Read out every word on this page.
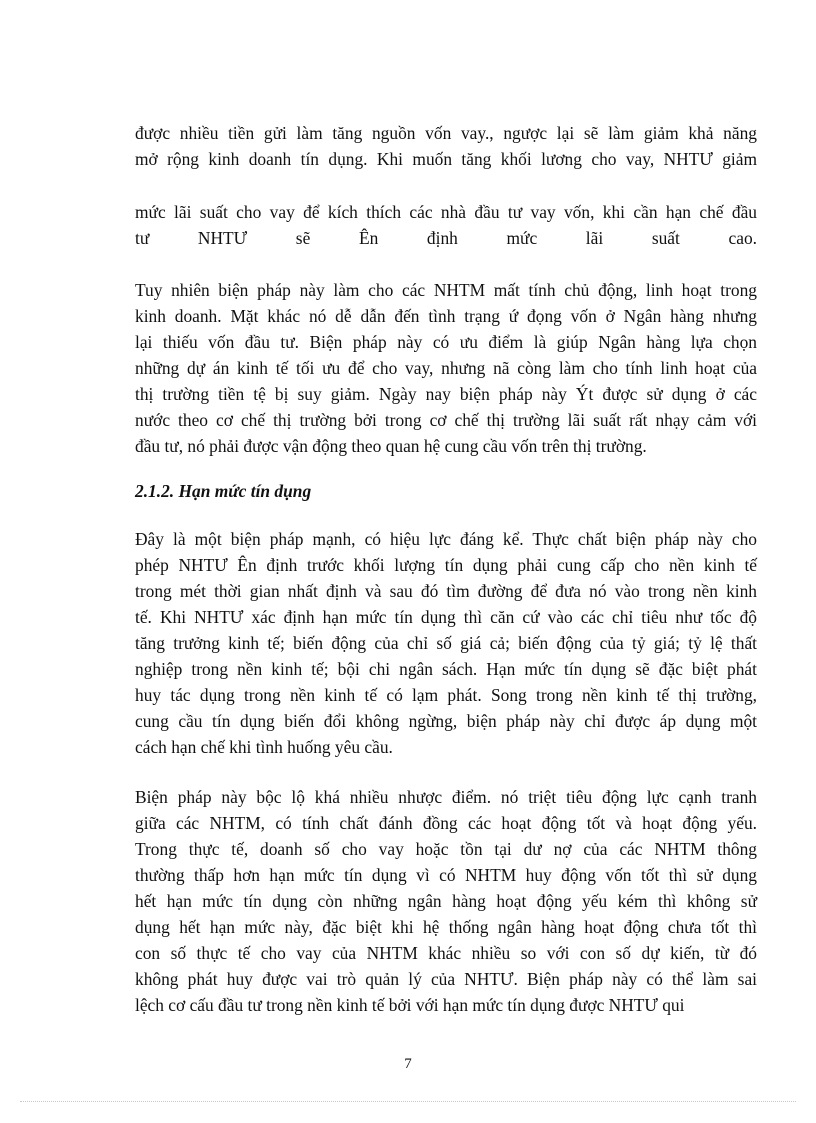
được nhiều tiền gửi làm tăng nguồn vốn vay., ngược lại sẽ làm giảm khả năng
mở rộng kinh doanh tín dụng. Khi muốn tăng khối lương cho vay, NHTƯ giảm
mức lãi suất cho vay để kích thích các nhà đầu tư vay vốn, khi cần hạn chế đầu
tư NHTƯ sẽ Ên định mức lãi suất cao.
Tuy nhiên biện pháp này làm cho các NHTM mất tính chủ động, linh hoạt trong
kinh doanh. Mặt khác nó dễ dẫn đến tình trạng ứ đọng vốn ở Ngân hàng nhưng
lại thiếu vốn đầu tư. Biện pháp này có ưu điểm là giúp Ngân hàng lựa chọn
những dự án kinh tế tối ưu để cho vay, nhưng nã còng làm cho tính linh hoạt của
thị trường tiền tệ bị suy giảm. Ngày nay biện pháp này Ýt được sử dụng ở các
nước theo cơ chế thị trường bởi trong cơ chế thị trường lãi suất rất nhạy cảm với
đầu tư, nó phải được vận động theo quan hệ cung cầu vốn trên thị trường.
2.1.2. Hạn mức tín dụng
Đây là một biện pháp mạnh, có hiệu lực đáng kể. Thực chất biện pháp này cho
phép NHTƯ Ên định trước khối lượng tín dụng phải cung cấp cho nền kinh tế
trong mét thời gian nhất định và sau đó tìm đường để đưa nó vào trong nền kinh
tế. Khi NHTƯ xác định hạn mức tín dụng thì căn cứ vào các chỉ tiêu như tốc độ
tăng trưởng kinh tế; biến động của chỉ số giá cả; biến động của tỷ giá; tỷ lệ thất
nghiệp trong nền kinh tế; bội chi ngân sách. Hạn mức tín dụng sẽ đặc biệt phát
huy tác dụng trong nền kinh tế có lạm phát. Song trong nền kinh tế thị trường,
cung cầu tín dụng biến đổi không ngừng, biện pháp này chỉ được áp dụng một
cách hạn chế khi tình huống yêu cầu.
Biện pháp này bộc lộ khá nhiều nhược điểm. nó triệt tiêu động lực cạnh tranh
giữa các NHTM, có tính chất đánh đồng các hoạt động tốt và hoạt động yếu.
Trong thực tế, doanh số cho vay hoặc tồn tại dư nợ của các NHTM thông
thường thấp hơn hạn mức tín dụng vì có NHTM huy động vốn tốt thì sử dụng
hết hạn mức tín dụng còn những ngân hàng hoạt động yếu kém thì không sử
dụng hết hạn mức này, đặc biệt khi hệ thống ngân hàng hoạt động chưa tốt thì
con số thực tế cho vay của NHTM khác nhiều so với con số dự kiến, từ đó
không phát huy được vai trò quản lý của NHTƯ. Biện pháp này có thể làm sai
lệch cơ cấu đầu tư trong nền kinh tế bởi với hạn mức tín dụng được NHTƯ qui
7
